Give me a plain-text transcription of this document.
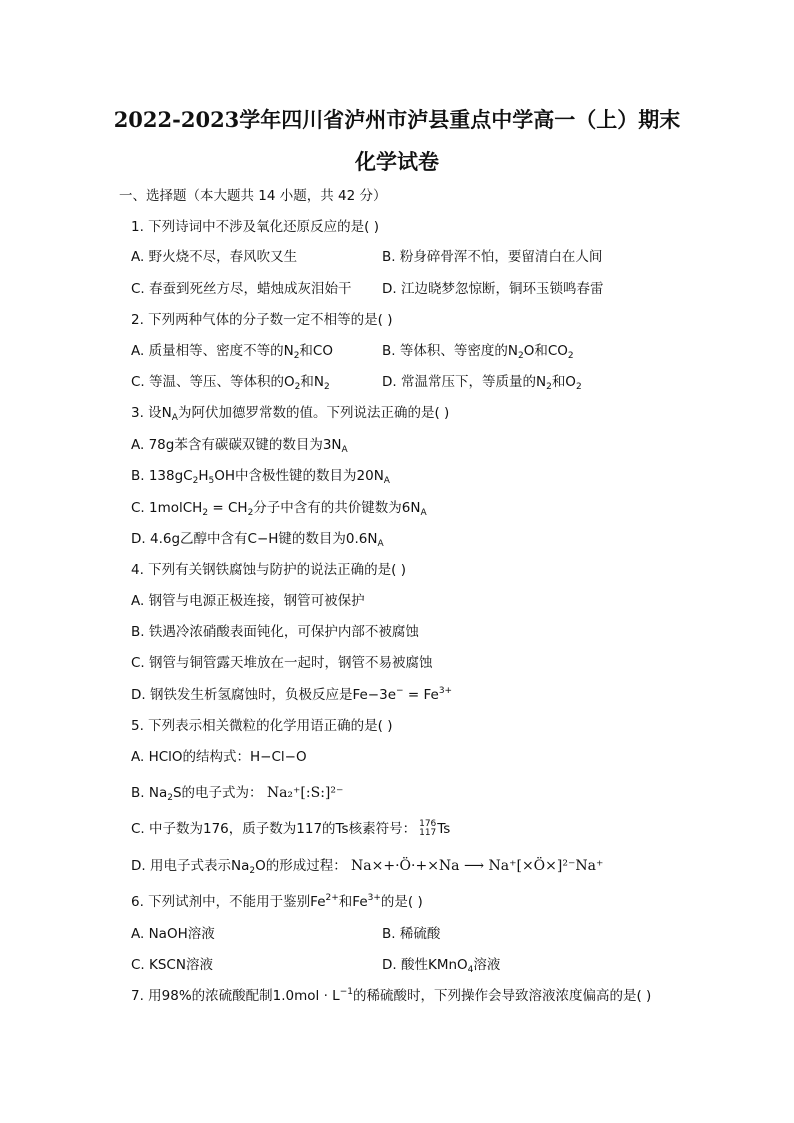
2022-2023学年四川省泸州市泸县重点中学高一（上）期末
化学试卷
一、选择题（本大题共 14 小题，共 42 分）
1. 下列诗词中不涉及氧化还原反应的是( )
A. 野火烧不尽，春风吹又生	B. 粉身碎骨浑不怕，要留清白在人间
C. 春蚕到死丝方尽，蜡烛成灰泪始干 D. 江边晓梦忽惊断，铜环玉锁鸣春雷
2. 下列两种气体的分子数一定不相等的是( )
A. 质量相等、密度不等的$N_2$和CO	B. 等体积、等密度的$N_2O$和$CO_2$
C. 等温、等压、等体积的$O_2$和$N_2$	D. 常温常压下，等质量的$N_2$和$O_2$
3. 设$N_A$为阿伏加德罗常数的值。下列说法正确的是( )
A. 78g苯含有碳碳双键的数目为$3N_A$
B. $138gC_2H_5OH$中含极性键的数目为$20N_A$
C. 1molCH$_2$ = $CH_2$分子中含有的共价键数为$6N_A$
D. 4.6g乙醇中含有C−H键的数目为$0.6N_A$
4. 下列有关钢铁腐蚀与防护的说法正确的是( )
A. 钢管与电源正极连接，钢管可被保护
B. 铁遇冷浓硝酸表面钝化，可保护内部不被腐蚀
C. 钢管与铜管露天堆放在一起时，钢管不易被腐蚀
D. 钢铁发生析氢腐蚀时，负极反应是$Fe-3e^- = Fe^{3+}$
5. 下列表示相关微粒的化学用语正确的是( )
A. HClO的结构式：H−Cl−O
B. $Na_2S$的电子式为： Na₂⁺[:S:]²⁻
C. 中子数为176，质子数为117的Ts核素符号： 176
117Ts
D. 用电子式表示$Na_2O$的形成过程： Na×+·Ö·+×Na ⟶ Na⁺[×Ö×]²⁻Na⁺
6. 下列试剂中，不能用于鉴别$Fe^{2+}$和$Fe^{3+}$的是( )
A. NaOH溶液	B. 稀硫酸
C. KSCN溶液	D. 酸性KMnO$_4$溶液
7. 用98%的浓硫酸配制$1.0mol \cdot L^{-1}$的稀硫酸时，下列操作会导致溶液浓度偏高的是( )
